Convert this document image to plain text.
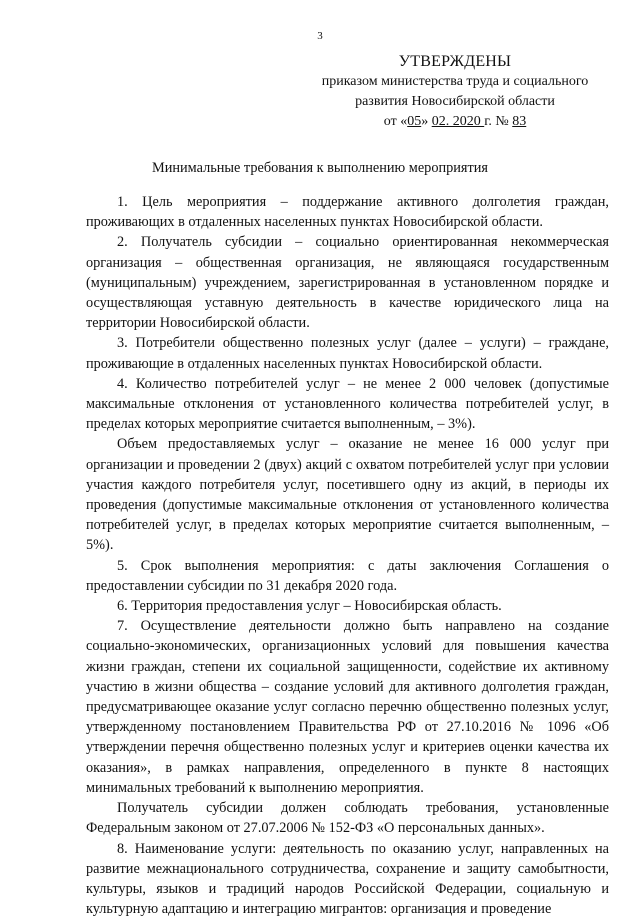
3
УТВЕРЖДЕНЫ
приказом министерства труда и социального
развития Новосибирской области
от «05» 02. 2020 г. № 83
Минимальные требования к выполнению мероприятия

1. Цель мероприятия – поддержание активного долголетия граждан, проживающих в отдаленных населенных пунктах Новосибирской области.

2. Получатель субсидии – социально ориентированная некоммерческая организация – общественная организация, не являющаяся государственным (муниципальным) учреждением, зарегистрированная в установленном порядке и осуществляющая уставную деятельность в качестве юридического лица на территории Новосибирской области.

3. Потребители общественно полезных услуг (далее – услуги) – граждане, проживающие в отдаленных населенных пунктах Новосибирской области.

4. Количество потребителей услуг – не менее 2 000 человек (допустимые максимальные отклонения от установленного количества потребителей услуг, в пределах которых мероприятие считается выполненным, – 3%).

Объем предоставляемых услуг – оказание не менее 16 000 услуг при организации и проведении 2 (двух) акций с охватом потребителей услуг при условии участия каждого потребителя услуг, посетившего одну из акций, в периоды их проведения (допустимые максимальные отклонения от установленного количества потребителей услуг, в пределах которых мероприятие считается выполненным, – 5%).

5. Срок выполнения мероприятия: с даты заключения Соглашения о предоставлении субсидии по 31 декабря 2020 года.

6. Территория предоставления услуг – Новосибирская область.

7. Осуществление деятельности должно быть направлено на создание социально-экономических, организационных условий для повышения качества жизни граждан, степени их социальной защищенности, содействие их активному участию в жизни общества – создание условий для активного долголетия граждан, предусматривающее оказание услуг согласно перечню общественно полезных услуг, утвержденному постановлением Правительства РФ от 27.10.2016 № 1096 «Об утверждении перечня общественно полезных услуг и критериев оценки качества их оказания», в рамках направления, определенного в пункте 8 настоящих минимальных требований к выполнению мероприятия.

Получатель субсидии должен соблюдать требования, установленные Федеральным законом от 27.07.2006 № 152-ФЗ «О персональных данных».

8. Наименование услуги: деятельность по оказанию услуг, направленных на развитие межнационального сотрудничества, сохранение и защиту самобытности, культуры, языков и традиций народов Российской Федерации, социальную и культурную адаптацию и интеграцию мигрантов: организация и проведение
